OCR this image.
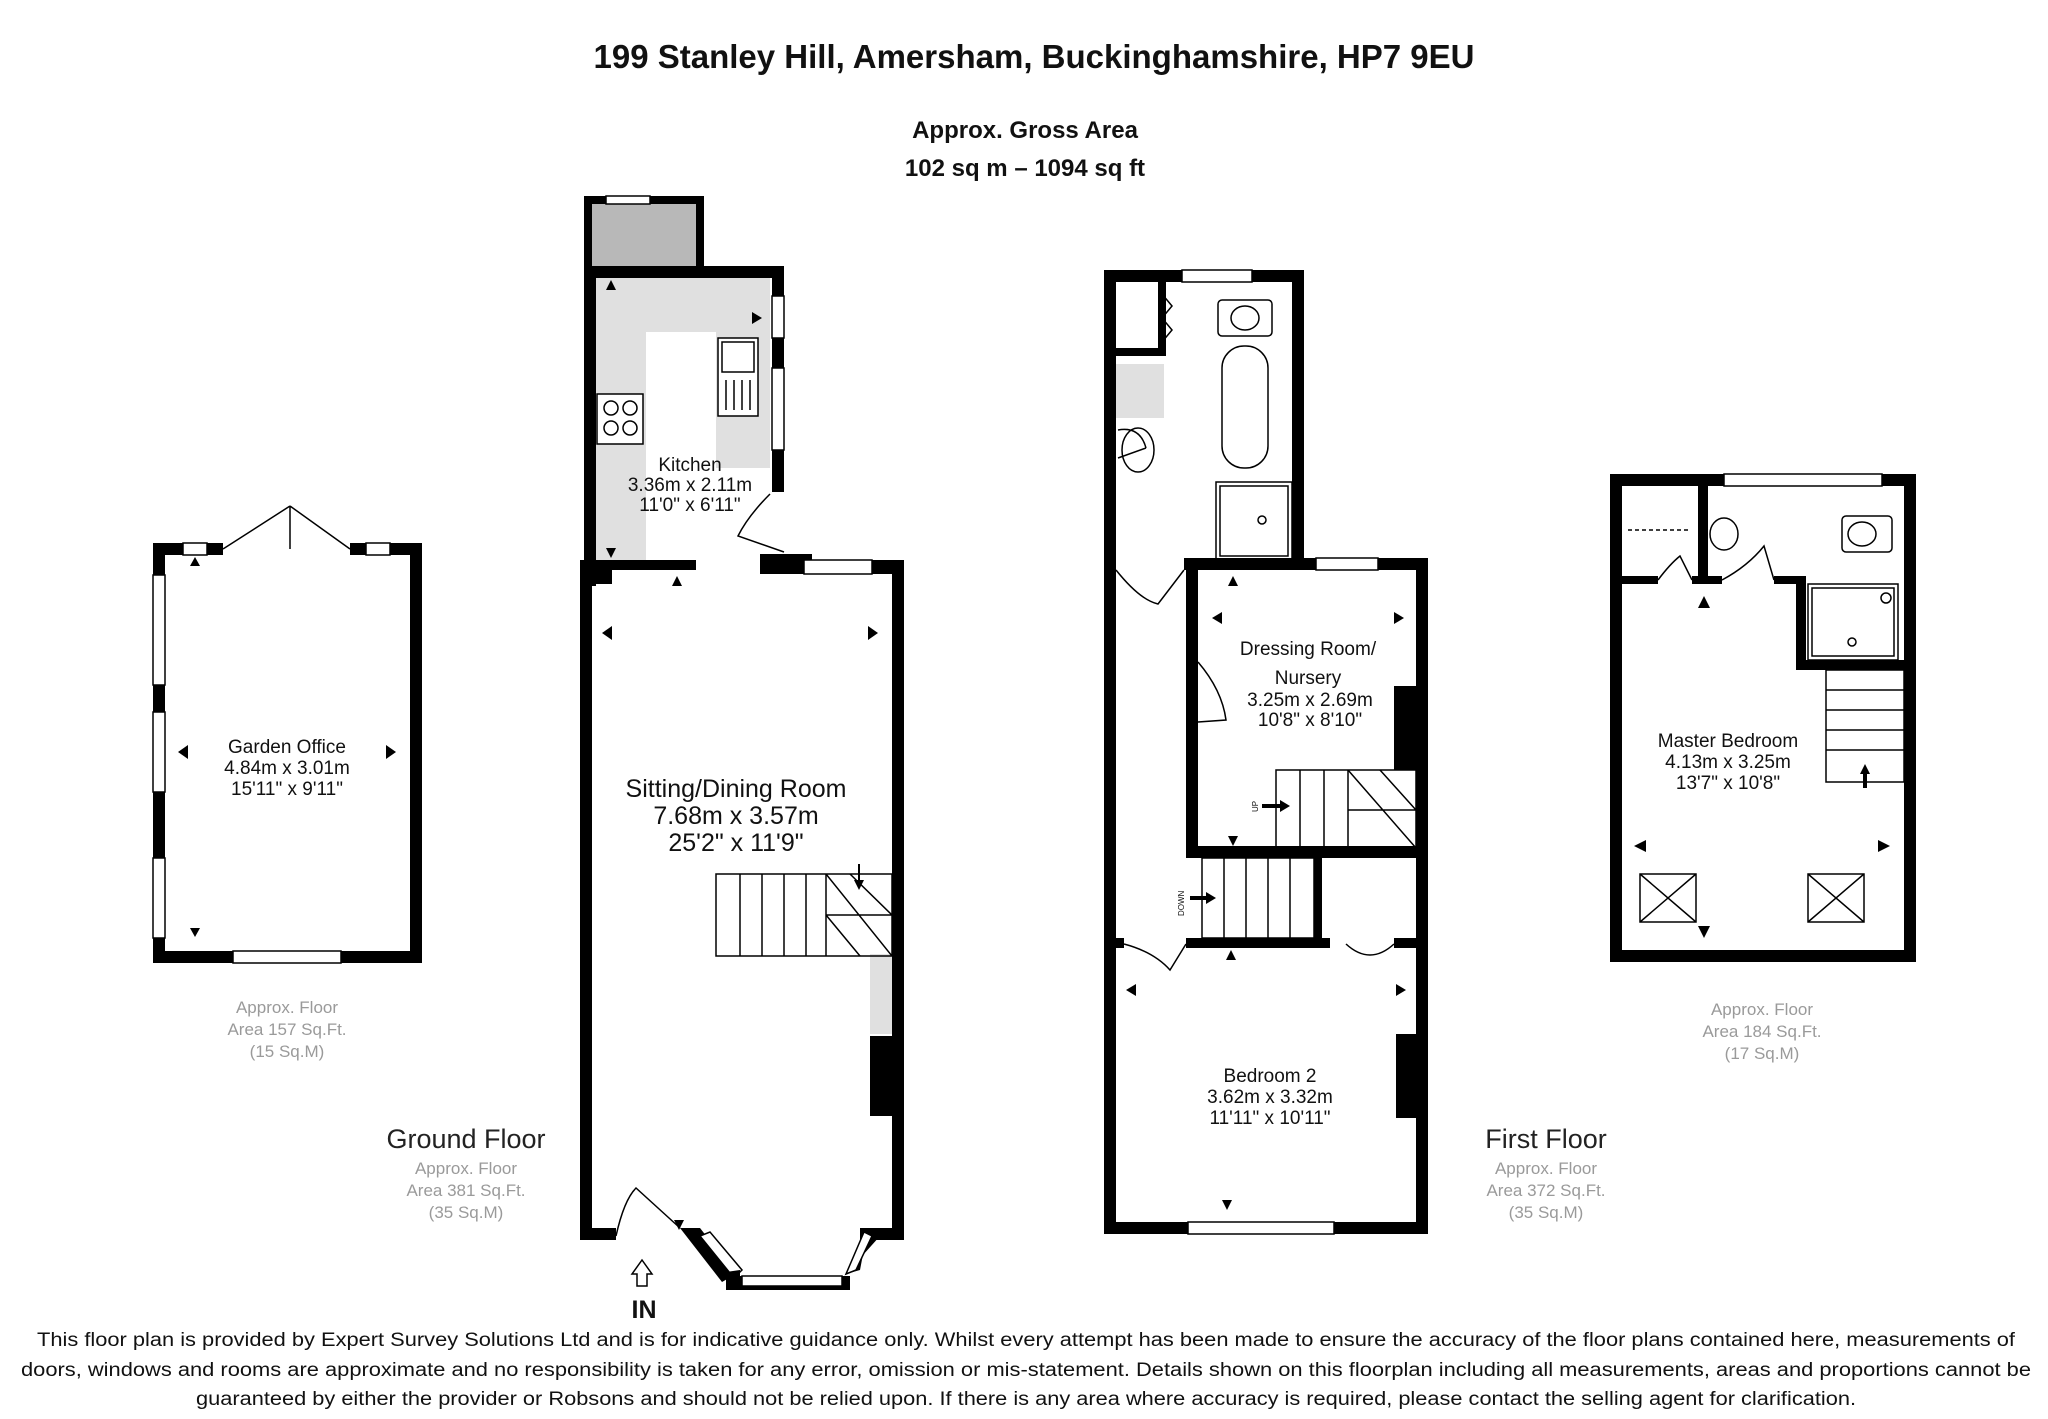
199 Stanley Hill, Amersham, Buckinghamshire, HP7 9EU
Approx. Gross Area
102 sq m – 1094 sq ft
Garden Office
4.84m x 3.01m
15'11" x 9'11"
Approx. Floor
Area 157 Sq.Ft.
(15 Sq.M)
IN
Kitchen
3.36m x 2.11m
11'0" x 6'11"
Sitting/Dining Room
7.68m x 3.57m
25'2" x 11'9"
Ground Floor
Approx. Floor
Area 381 Sq.Ft.
(35 Sq.M)
UP
DOWN
Dressing Room/
Nursery
3.25m x 2.69m
10'8" x 8'10"
Bedroom 2
3.62m x 3.32m
11'11" x 10'11"
First Floor
Approx. Floor
Area 372 Sq.Ft.
(35 Sq.M)
Master Bedroom
4.13m x 3.25m
13'7" x 10'8"
Approx. Floor
Area 184 Sq.Ft.
(17 Sq.M)
This floor plan is provided by Expert Survey Solutions Ltd and is for indicative guidance only. Whilst every attempt has been made to ensure the accuracy of the floor plans contained here, measurements of
doors, windows and rooms are approximate and no responsibility is taken for any error, omission or mis-statement. Details shown on this floorplan including all measurements, areas and proportions cannot be
guaranteed by either the provider or Robsons and should not be relied upon. If there is any area where accuracy is required, please contact the selling agent for clarification.
